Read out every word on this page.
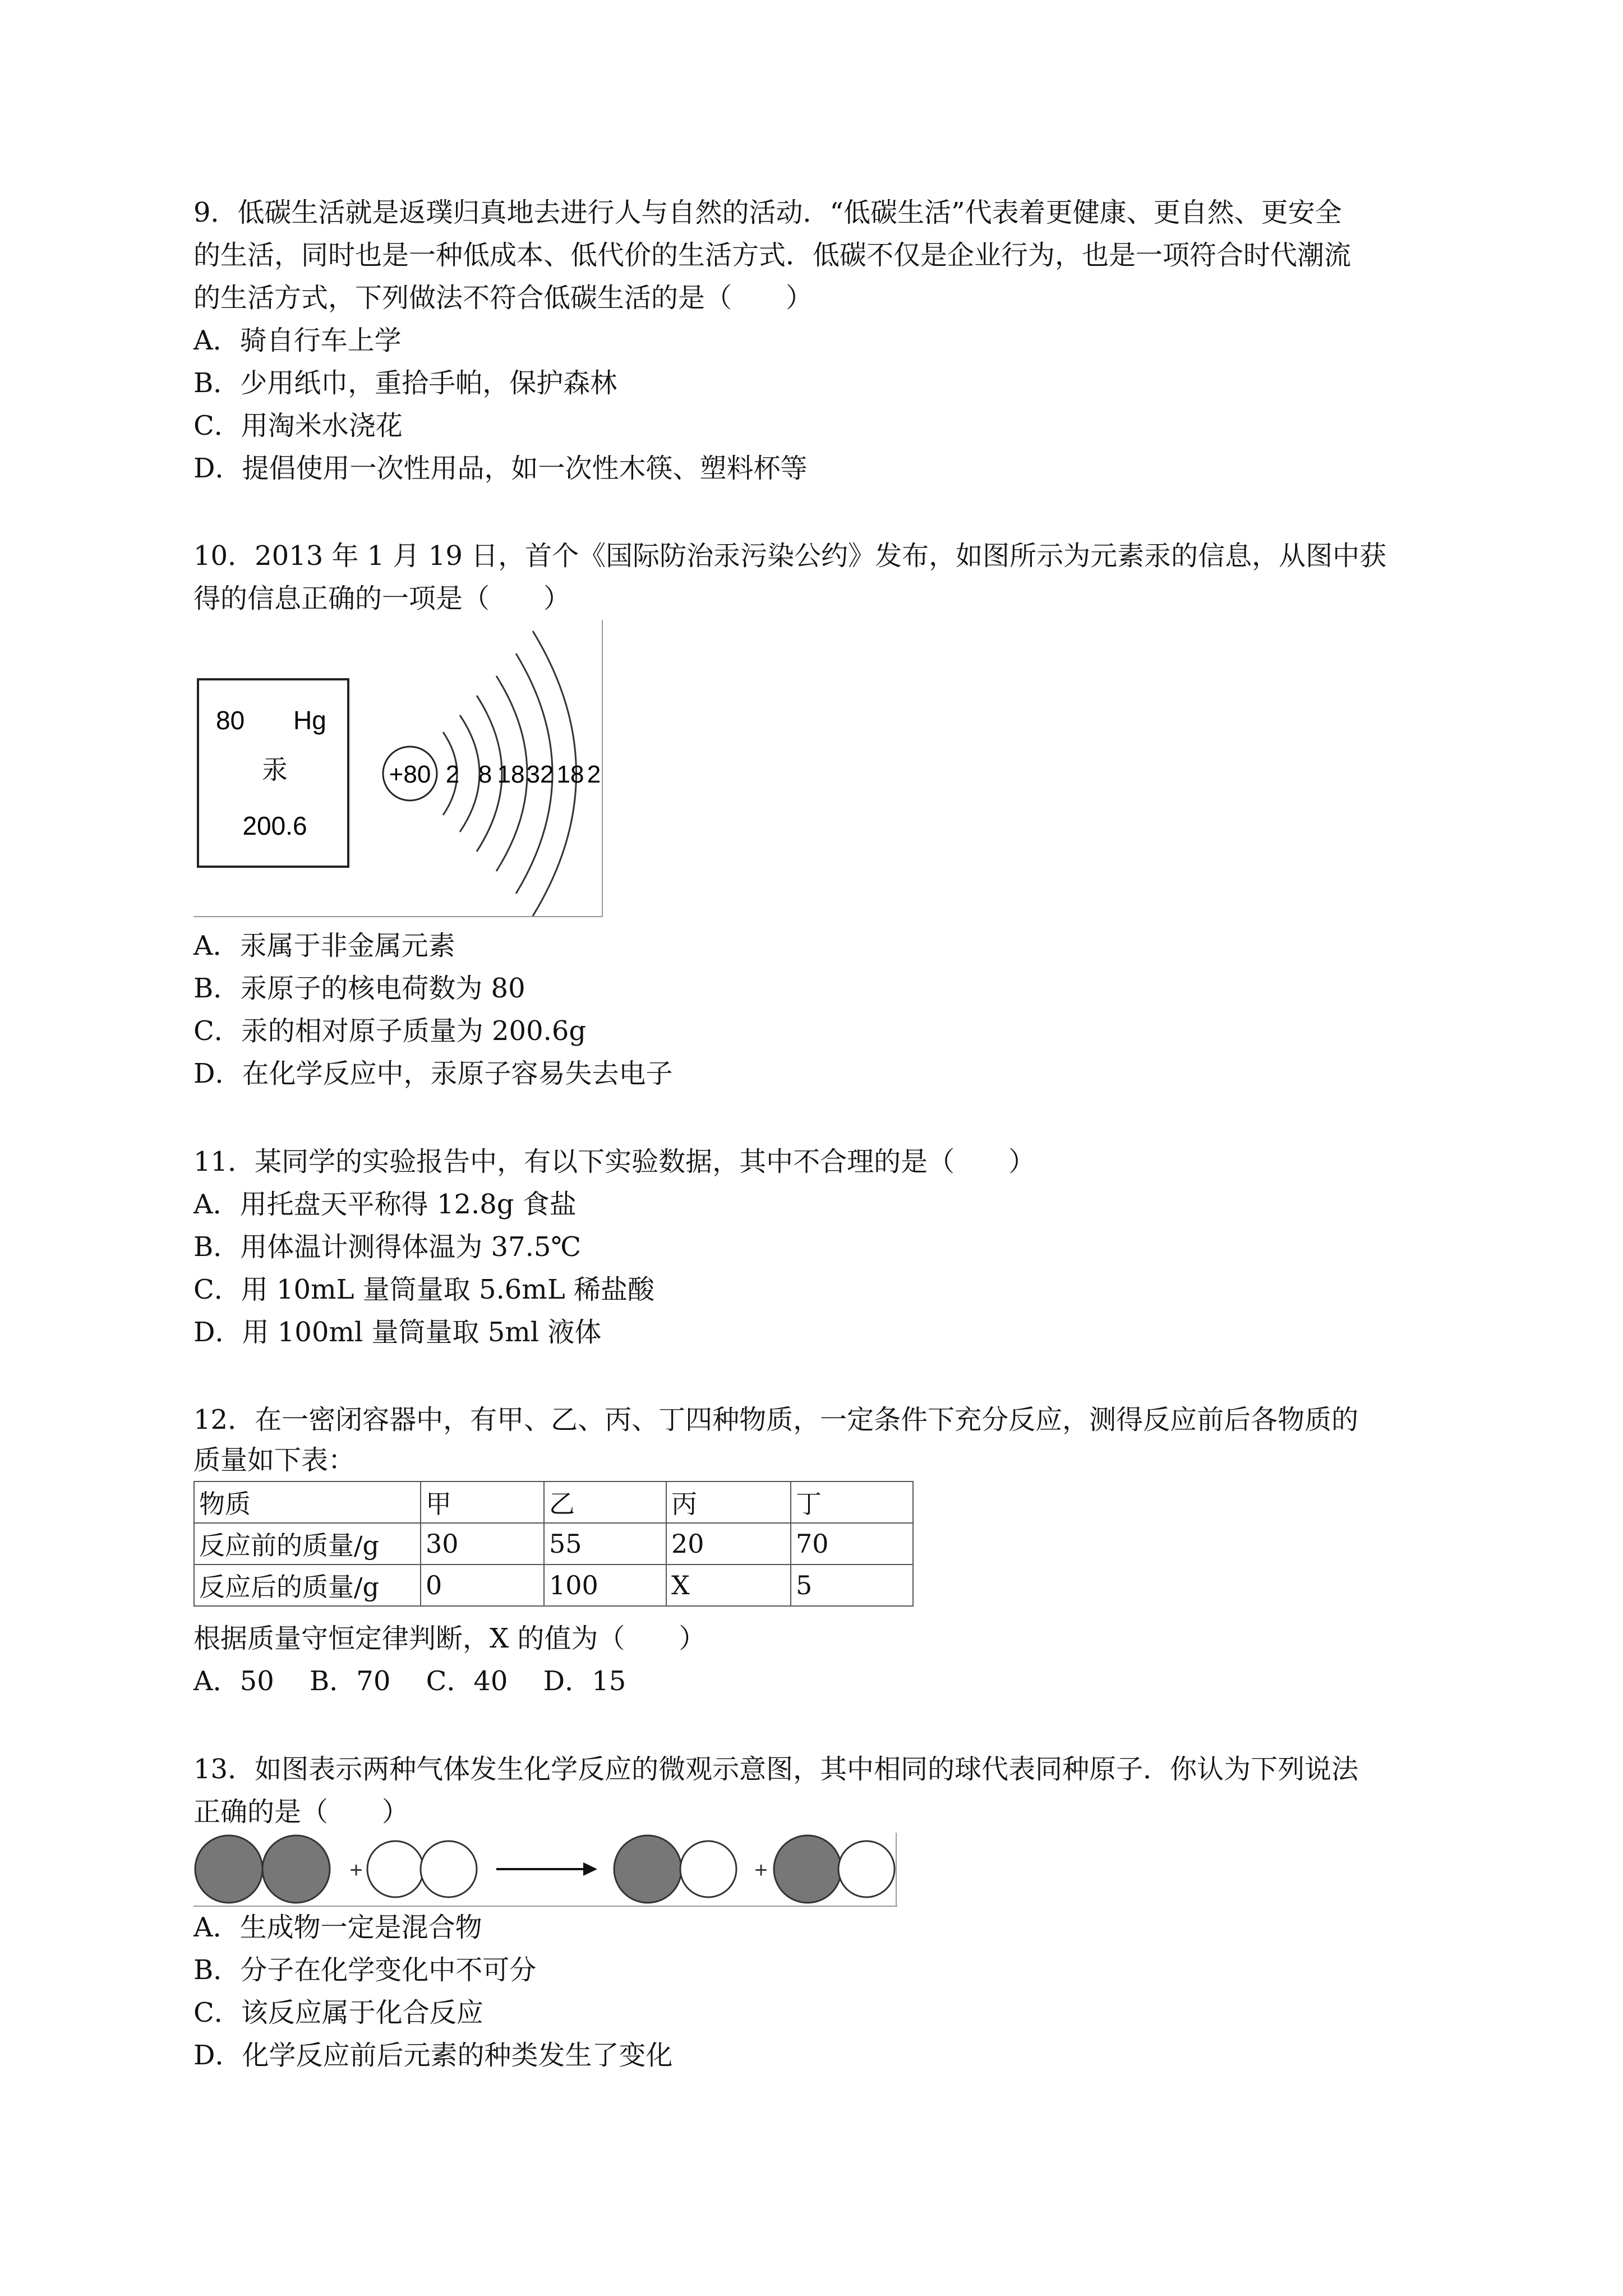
9．低碳生活就是返璞归真地去进行人与自然的活动．“低碳生活”代表着更健康、更自然、更安全
的生活，同时也是一种低成本、低代价的生活方式．低碳不仅是企业行为，也是一项符合时代潮流
的生活方式，下列做法不符合低碳生活的是（　　）
A．骑自行车上学
B．少用纸巾，重拾手帕，保护森林
C．用淘米水浇花
D．提倡使用一次性用品，如一次性木筷、塑料杯等
10．2013 年 1 月 19 日，首个《国际防治汞污染公约》发布，如图所示为元素汞的信息，从图中获
得的信息正确的一项是（　　）
80 Hg
汞
200.6
+80 2 8 18 32 18 2
A．汞属于非金属元素
B．汞原子的核电荷数为 80
C．汞的相对原子质量为 200.6g
D．在化学反应中，汞原子容易失去电子
11．某同学的实验报告中，有以下实验数据，其中不合理的是（　　）
A．用托盘天平称得 12.8g 食盐
B．用体温计测得体温为 37.5℃
C．用 10mL 量筒量取 5.6mL 稀盐酸
D．用 100ml 量筒量取 5ml 液体
12．在一密闭容器中，有甲、乙、丙、丁四种物质，一定条件下充分反应，测得反应前后各物质的
质量如下表：
物质	甲	乙	丙	丁
反应前的质量/g	30	55	20	70
反应后的质量/g	0	100	X	5
根据质量守恒定律判断，X 的值为（　　）
A．50　 B．70　 C．40　 D．15
13．如图表示两种气体发生化学反应的微观示意图，其中相同的球代表同种原子．你认为下列说法
正确的是（　　）
+	+
A．生成物一定是混合物
B．分子在化学变化中不可分
C．该反应属于化合反应
D．化学反应前后元素的种类发生了变化
